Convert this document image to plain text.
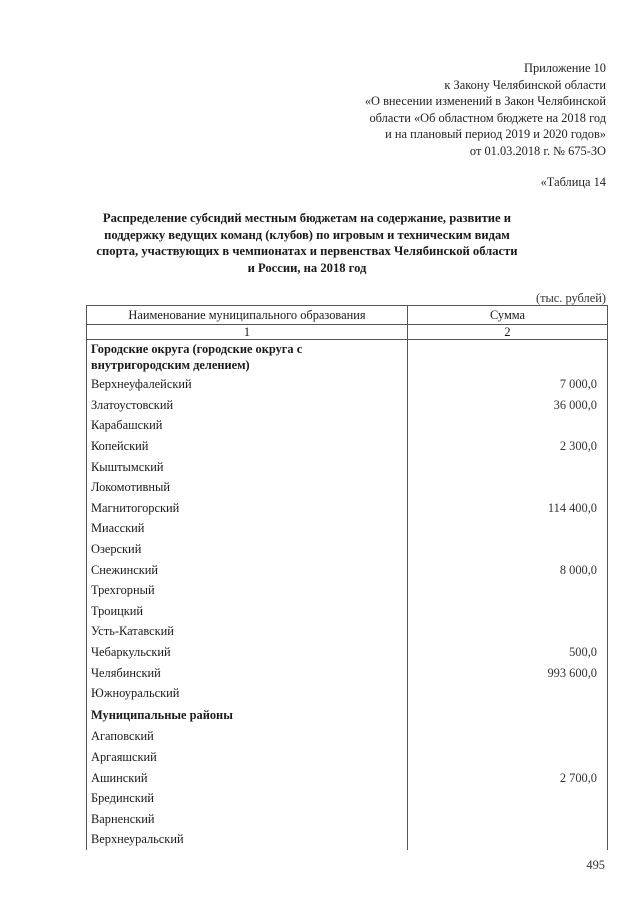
Приложение 10
к Закону Челябинской области
«О внесении изменений в Закон Челябинской
области «Об областном бюджете на 2018 год
и на плановый период 2019 и 2020 годов»
от 01.03.2018 г. № 675-ЗО
«Таблица 14
Распределение субсидий местным бюджетам на содержание, развитие и поддержку ведущих команд (клубов) по игровым и техническим видам спорта, участвующих в чемпионатах и первенствах Челябинской области и России, на 2018 год
(тыс. рублей)
Наименование муниципального образования	Сумма
1	2
Городские округа (городские округа с внутригородским делением)	
Верхнеуфалейский	7 000,0
Златоустовский	36 000,0
Карабашский	
Копейский	2 300,0
Кыштымский	
Локомотивный	
Магнитогорский	114 400,0
Миасский	
Озерский	
Снежинский	8 000,0
Трехгорный	
Троицкий	
Усть-Катавский	
Чебаркульский	500,0
Челябинский	993 600,0
Южноуральский	
Муниципальные районы	
Агаповский	
Аргаяшский	
Ашинский	2 700,0
Брединский	
Варненский	
Верхнеуральский	
495
